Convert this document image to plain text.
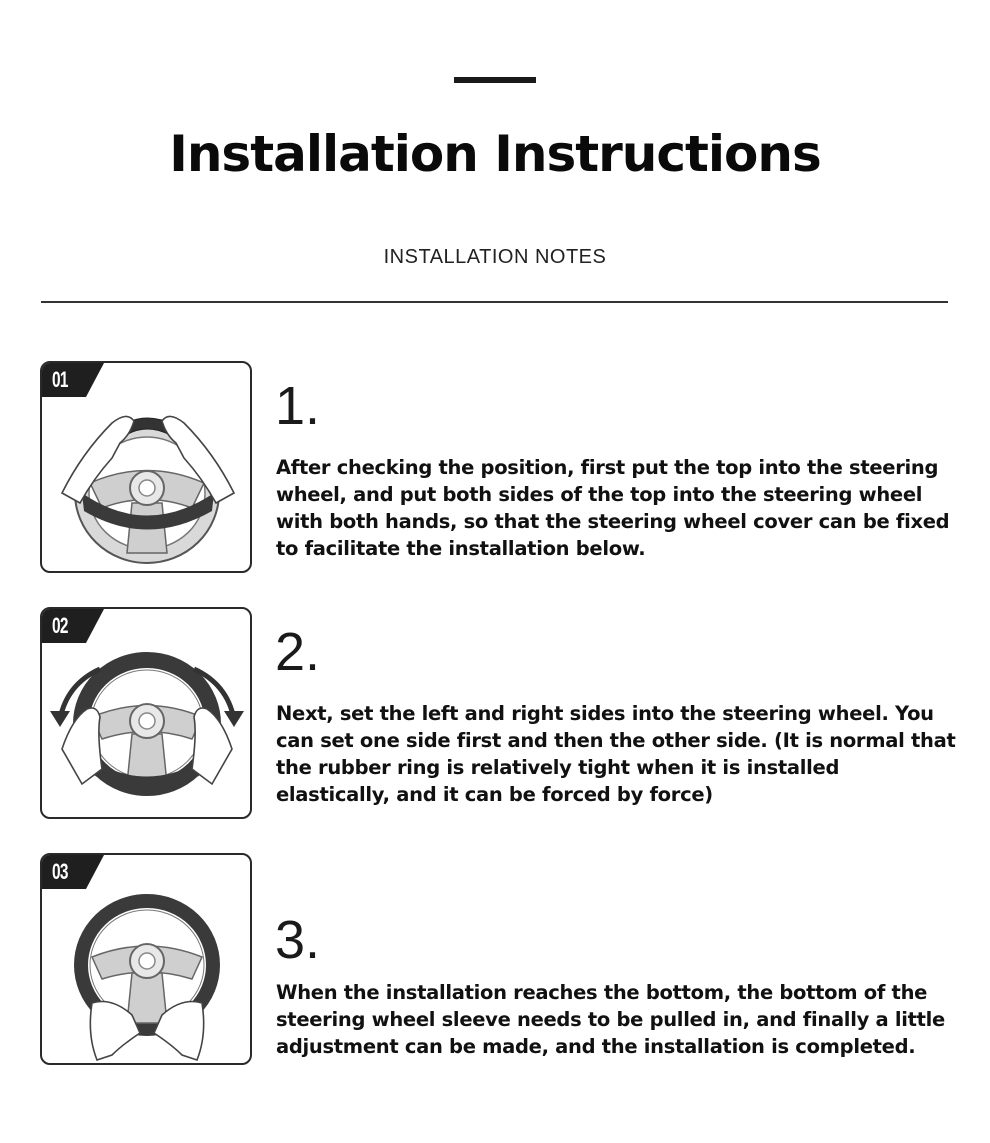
Installation Instructions
INSTALLATION NOTES
01	1.

After checking the position, first put the top into the steering wheel, and put both sides of the top into the steering wheel with both hands, so that the steering wheel cover can be fixed to facilitate the installation below.

02	2.

Next, set the left and right sides into the steering wheel. You can set one side first and then the other side. (It is normal that the rubber ring is relatively tight when it is installed elastically, and it can be forced by force)

03
3.

When the installation reaches the bottom, the bottom of the steering wheel sleeve needs to be pulled in, and finally a little adjustment can be made, and the installation is completed.
